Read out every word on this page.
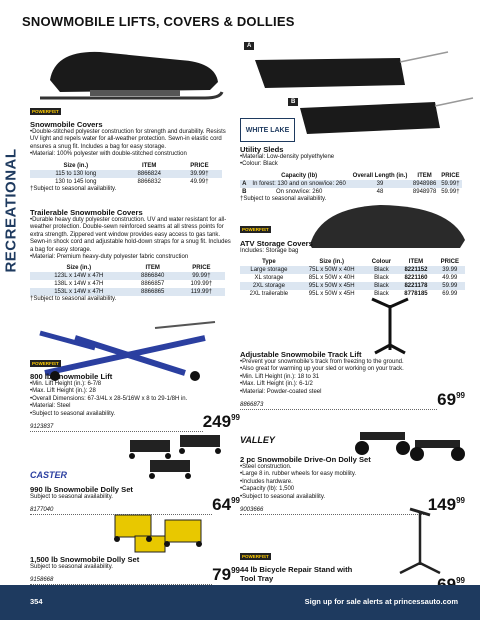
SNOWMOBILE LIFTS, COVERS & DOLLIES
RECREATIONAL
POWERFIST
Snowmobile Covers
•Double-stitched polyester construction for strength and durability. Resists UV light and repels water for all-weather protection. Sewn-in elastic cord ensures a snug fit. Includes a bag for easy storage.
•Material: 100% polyester with double-stitched construction
Size (in.)	ITEM	PRICE
115 to 130 long	8866824	39.99†
130 to 145 long	8866832	49.99†
†Subject to seasonal availability.
Trailerable Snowmobile Covers
•Durable heavy duty polyester construction. UV and water resistant for all-weather protection. Double-sewn reinforced seams at all stress points for extra strength. Zippered vent window provides easy access to gas tank. Sewn-in shock cord and adjustable hold-down straps for a snug fit. Includes a bag for easy storage.
•Material: Premium heavy-duty polyester fabric construction
Size (in.)	ITEM	PRICE
123L x 14W x 47H	8866840	99.99†
138L x 14W x 47H	8866857	109.99†
153L x 14W x 47H	8866865	119.99†
†Subject to seasonal availability.
A
B
WHITE LAKE
Utility Sleds
•Material: Low-density polyethylene
•Colour: Black
	Capacity (lb)	Overall Length (in.)	ITEM	PRICE
A	In forest: 130 and on snow/ice: 260	39	8948986	59.99†
B	On snow/ice: 260	48	8948978	59.99†
†Subject to seasonal availability.
POWERFIST
ATV Storage Covers
Includes: Storage bag
Type	Size (in.)	Colour	ITEM	PRICE
Large storage	75L x 50W x 40H	Black	8221152	39.99
XL storage	85L x 50W x 40H	Black	8221160	49.99
2XL storage	95L x 50W x 45H	Black	8221178	59.99
2XL trailerable	95L x 50W x 45H	Black	8778185	69.99
POWERFIST
800 lb Snowmobile Lift
•Min. Lift Height (in.): 6-7/8
•Max. Lift Height (in.): 28
•Overall Dimensions: 67-3/4L x 28-5/16W x 8 to 29-1/8H in.
•Material: Steel
•Subject to seasonal availability.
9123837	$249^{99}$
Adjustable Snowmobile Track Lift
•Prevent your snowmobile's track from freezing to the ground.
•Also great for warming up your sled or working on your track.
•Min. Lift Height (in.): 18 to 31
•Max. Lift Height (in.): 6-1/2
•Material: Powder-coated steel
8866873	$69^{99}$
CASTER
990 lb Snowmobile Dolly Set
Subject to seasonal availability.
8177040	$64^{99}$
VALLEY
2 pc Snowmobile Drive-On Dolly Set
•Steel construction.
•Large 8 in. rubber wheels for easy mobility.
•Includes hardware.
•Capacity (lb): 1,500
•Subject to seasonal availability.
9003666	$149^{99}$
1,500 lb Snowmobile Dolly Set
Subject to seasonal availability.
9158668	$79^{99}$
POWERFIST
44 lb Bicycle Repair Stand with Tool Tray	$^{99}$
354	Sign up for sale alerts at princessauto.com
